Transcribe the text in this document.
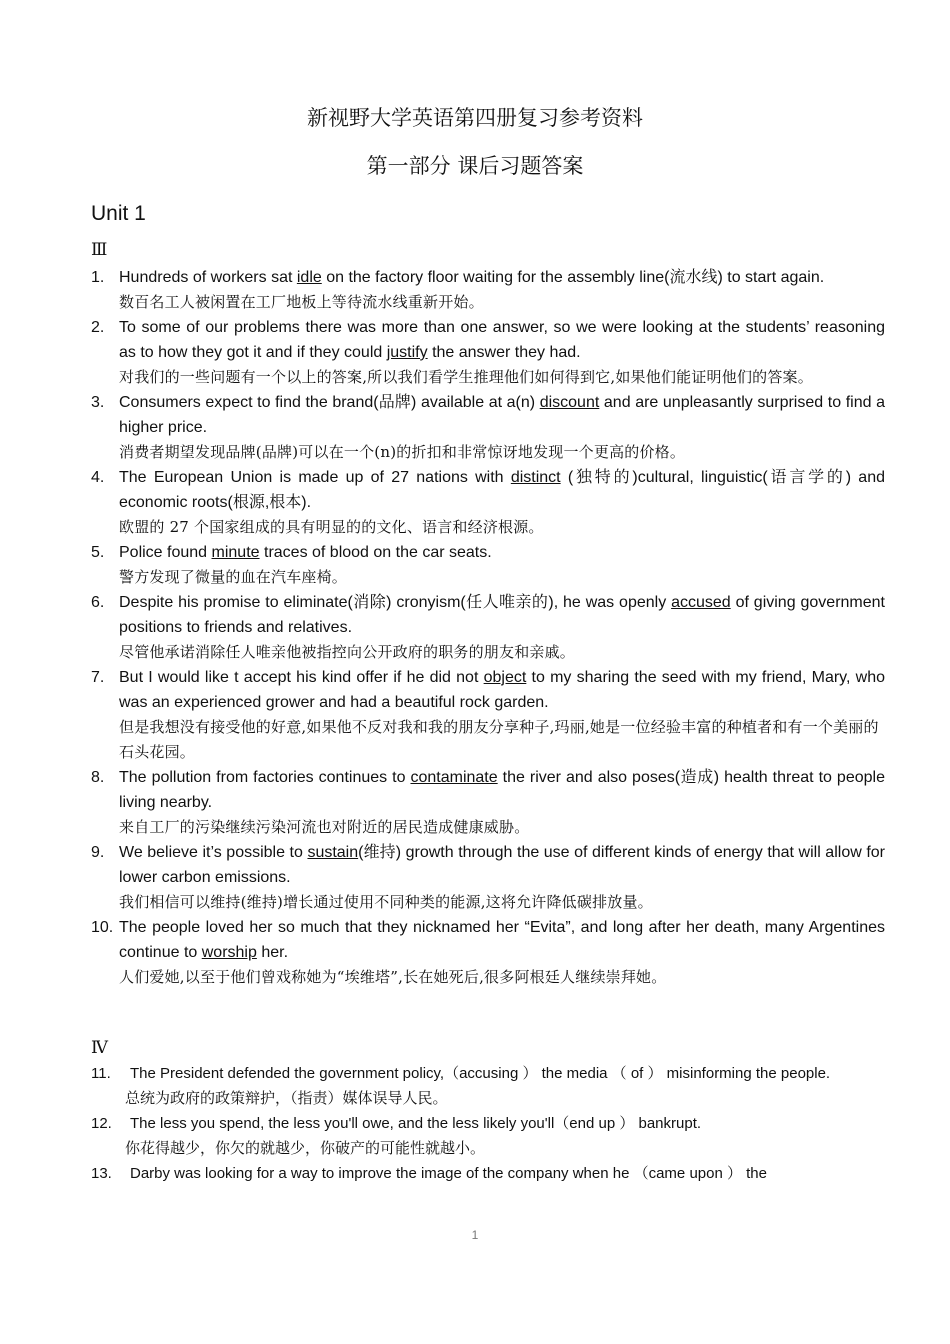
新视野大学英语第四册复习参考资料
第一部分 课后习题答案
Unit 1
Ⅲ
1. Hundreds of workers sat idle on the factory floor waiting for the assembly line(流水线) to start again.
数百名工人被闲置在工厂地板上等待流水线重新开始。
2. To some of our problems there was more than one answer, so we were looking at the students’ reasoning as to how they got it and if they could justify the answer they had.
对我们的一些问题有一个以上的答案,所以我们看学生推理他们如何得到它,如果他们能证明他们的答案。
3. Consumers expect to find the brand(品牌) available at a(n) discount and are unpleasantly surprised to find a higher price.
消费者期望发现品牌(品牌)可以在一个(n)的折扣和非常惊讶地发现一个更高的价格。
4. The European Union is made up of 27 nations with distinct (独特的)cultural, linguistic(语言学的) and economic roots(根源,根本).
欧盟的 27 个国家组成的具有明显的的文化、语言和经济根源。
5. Police found minute traces of blood on the car seats.
警方发现了微量的血在汽车座椅。
6. Despite his promise to eliminate(消除) cronyism(任人唯亲的), he was openly accused of giving government positions to friends and relatives.
尽管他承诺消除任人唯亲他被指控向公开政府的职务的朋友和亲戚。
7. But I would like t accept his kind offer if he did not object to my sharing the seed with my friend, Mary, who was an experienced grower and had a beautiful rock garden.
但是我想没有接受他的好意,如果他不反对我和我的朋友分享种子,玛丽,她是一位经验丰富的种植者和有一个美丽的石头花园。
8. The pollution from factories continues to contaminate the river and also poses(造成) health threat to people living nearby.
来自工厂的污染继续污染河流也对附近的居民造成健康威胁。
9. We believe it’s possible to sustain(维持) growth through the use of different kinds of energy that will allow for lower carbon emissions.
我们相信可以维持(维持)增长通过使用不同种类的能源,这将允许降低碳排放量。
10. The people loved her so much that they nicknamed her “Evita”, and long after her death, many Argentines continue to worship her.
人们爱她,以至于他们曾戏称她为“埃维塔”,长在她死后,很多阿根廷人继续崇拜她。
Ⅳ
11. The President defended the government policy,（accusing ） the media （ of ） misinforming the people.
总统为政府的政策辩护，（指责）媒体误导人民。
12. The less you spend, the less you'll owe, and the less likely you'll（end up ） bankrupt.
你花得越少，你欠的就越少，你破产的可能性就越小。
13. Darby was looking for a way to improve the image of the company when he （came upon ） the
1
